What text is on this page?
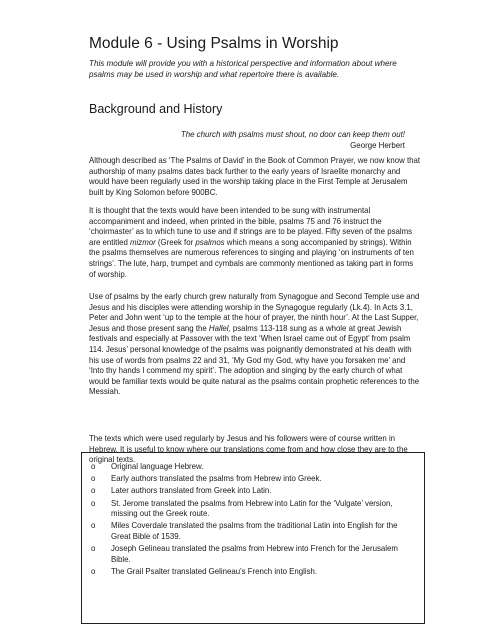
Module 6 - Using Psalms in Worship
This module will provide you with a historical perspective and information about where psalms may be used in worship and what repertoire there is available.
Background and History
The church with psalms must shout, no door can keep them out!
George Herbert

Although described as ‘The Psalms of David’ in the Book of Common Prayer, we now know that authorship of many psalms dates back further to the early years of Israelite monarchy and would have been regularly used in the worship taking place in the First Temple at Jerusalem built by King Solomon before 900BC.

It is thought that the texts would have been intended to be sung with instrumental accompaniment and indeed, when printed in the bible, psalms 75 and 76 instruct the ‘choirmaster’ as to which tune to use and if strings are to be played. Fifty seven of the psalms are entitled mizmor (Greek for psalmos which means a song accompanied by strings). Within the psalms themselves are numerous references to singing and playing ‘on instruments of ten strings’. The lute, harp, trumpet and cymbals are commonly mentioned as taking part in forms of worship.

Use of psalms by the early church grew naturally from Synagogue and Second Temple use and Jesus and his disciples were attending worship in the Synagogue regularly (Lk.4). In Acts 3.1, Peter and John went ‘up to the temple at the hour of prayer, the ninth hour’. At the Last Supper, Jesus and those present sang the Hallel, psalms 113-118 sung as a whole at great Jewish festivals and especially at Passover with the text ‘When Israel came out of Egypt’ from psalm 114. Jesus’ personal knowledge of the psalms was poignantly demonstrated at his death with his use of words from psalms 22 and 31, ‘My God my God, why have you forsaken me’ and ‘Into thy hands I commend my spirit’. The adoption and singing by the early church of what would be familiar texts would be quite natural as the psalms contain prophetic references to the Messiah.

The texts which were used regularly by Jesus and his followers were of course written in Hebrew. It is useful to know where our translations come from and how close they are to the original texts.

o Original language Hebrew.
o Early authors translated the psalms from Hebrew into Greek.
o Later authors translated from Greek into Latin.
o St. Jerome translated the psalms from Hebrew into Latin for the ‘Vulgate’ version, missing out the Greek route.
o Miles Coverdale translated the psalms from the traditional Latin into English for the Great Bible of 1539.
o Joseph Gelineau translated the psalms from Hebrew into French for the Jerusalem Bible.
o The Grail Psalter translated Gelineau’s French into English.
